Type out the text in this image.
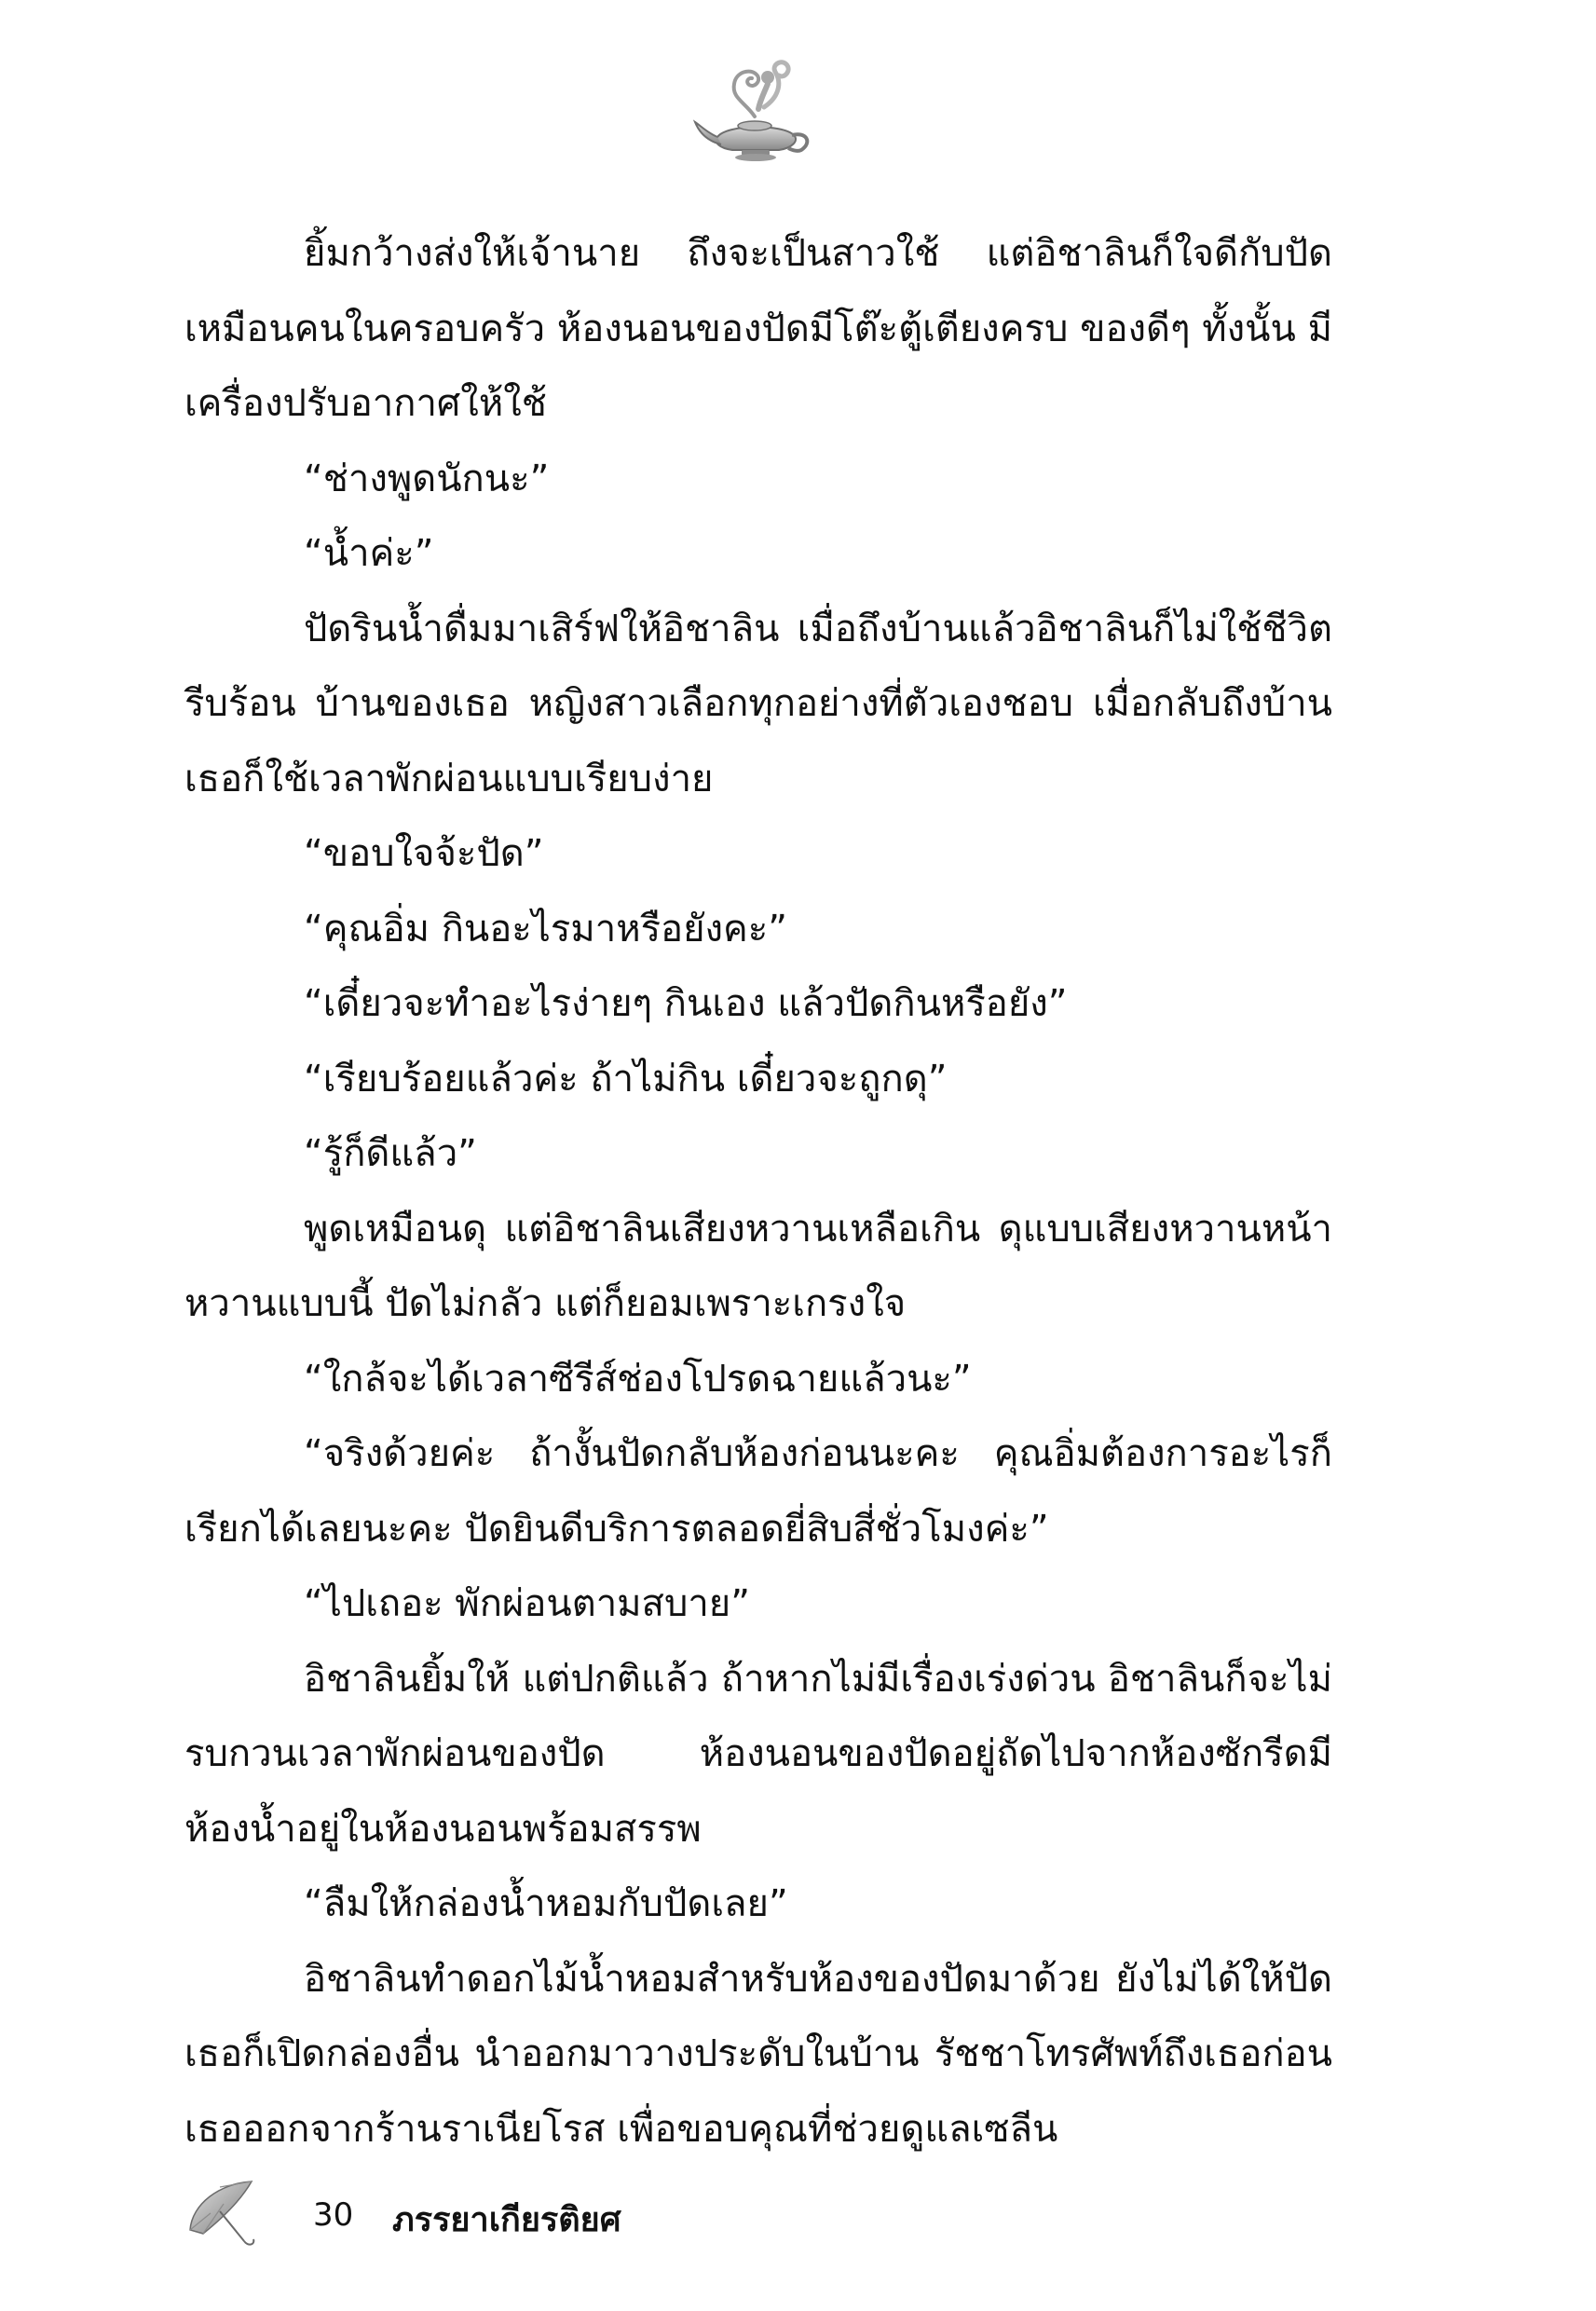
ยิ้มกว้างส่งให้เจ้านาย ถึงจะเป็นสาวใช้ แต่อิชาลินก็ใจดีกับปัดเหมือนคนในครอบครัว ห้องนอนของปัดมีโต๊ะตู้เตียงครบ ของดีๆ ทั้งนั้น มีเครื่องปรับอากาศให้ใช้

“ช่างพูดนักนะ”

“น้ำค่ะ”

ปัดรินน้ำดื่มมาเสิร์ฟให้อิชาลิน เมื่อถึงบ้านแล้วอิชาลินก็ไม่ใช้ชีวิตรีบร้อน บ้านของเธอ หญิงสาวเลือกทุกอย่างที่ตัวเองชอบ เมื่อกลับถึงบ้าน เธอก็ใช้เวลาพักผ่อนแบบเรียบง่าย

“ขอบใจจ้ะปัด”

“คุณอิ่ม กินอะไรมาหรือยังคะ”

“เดี๋ยวจะทำอะไรง่ายๆ กินเอง แล้วปัดกินหรือยัง”

“เรียบร้อยแล้วค่ะ ถ้าไม่กิน เดี๋ยวจะถูกดุ”

“รู้ก็ดีแล้ว”

พูดเหมือนดุ แต่อิชาลินเสียงหวานเหลือเกิน ดุแบบเสียงหวานหน้าหวานแบบนี้ ปัดไม่กลัว แต่ก็ยอมเพราะเกรงใจ

“ใกล้จะได้เวลาซีรีส์ช่องโปรดฉายแล้วนะ”

“จริงด้วยค่ะ ถ้างั้นปัดกลับห้องก่อนนะคะ คุณอิ่มต้องการอะไรก็เรียกได้เลยนะคะ ปัดยินดีบริการตลอดยี่สิบสี่ชั่วโมงค่ะ”

“ไปเถอะ พักผ่อนตามสบาย”

อิชาลินยิ้มให้ แต่ปกติแล้ว ถ้าหากไม่มีเรื่องเร่งด่วน อิชาลินก็จะไม่รบกวนเวลาพักผ่อนของปัด ห้องนอนของปัดอยู่ถัดไปจากห้องซักรีดมีห้องน้ำอยู่ในห้องนอนพร้อมสรรพ

“ลืมให้กล่องน้ำหอมกับปัดเลย”

อิชาลินทำดอกไม้น้ำหอมสำหรับห้องของปัดมาด้วย ยังไม่ได้ให้ปัด เธอก็เปิดกล่องอื่น นำออกมาวางประดับในบ้าน รัชชาโทรศัพท์ถึงเธอก่อนเธอออกจากร้านราเนียโรส เพื่อขอบคุณที่ช่วยดูแลเซลีน

30 ภรรยาเกียรติยศ
